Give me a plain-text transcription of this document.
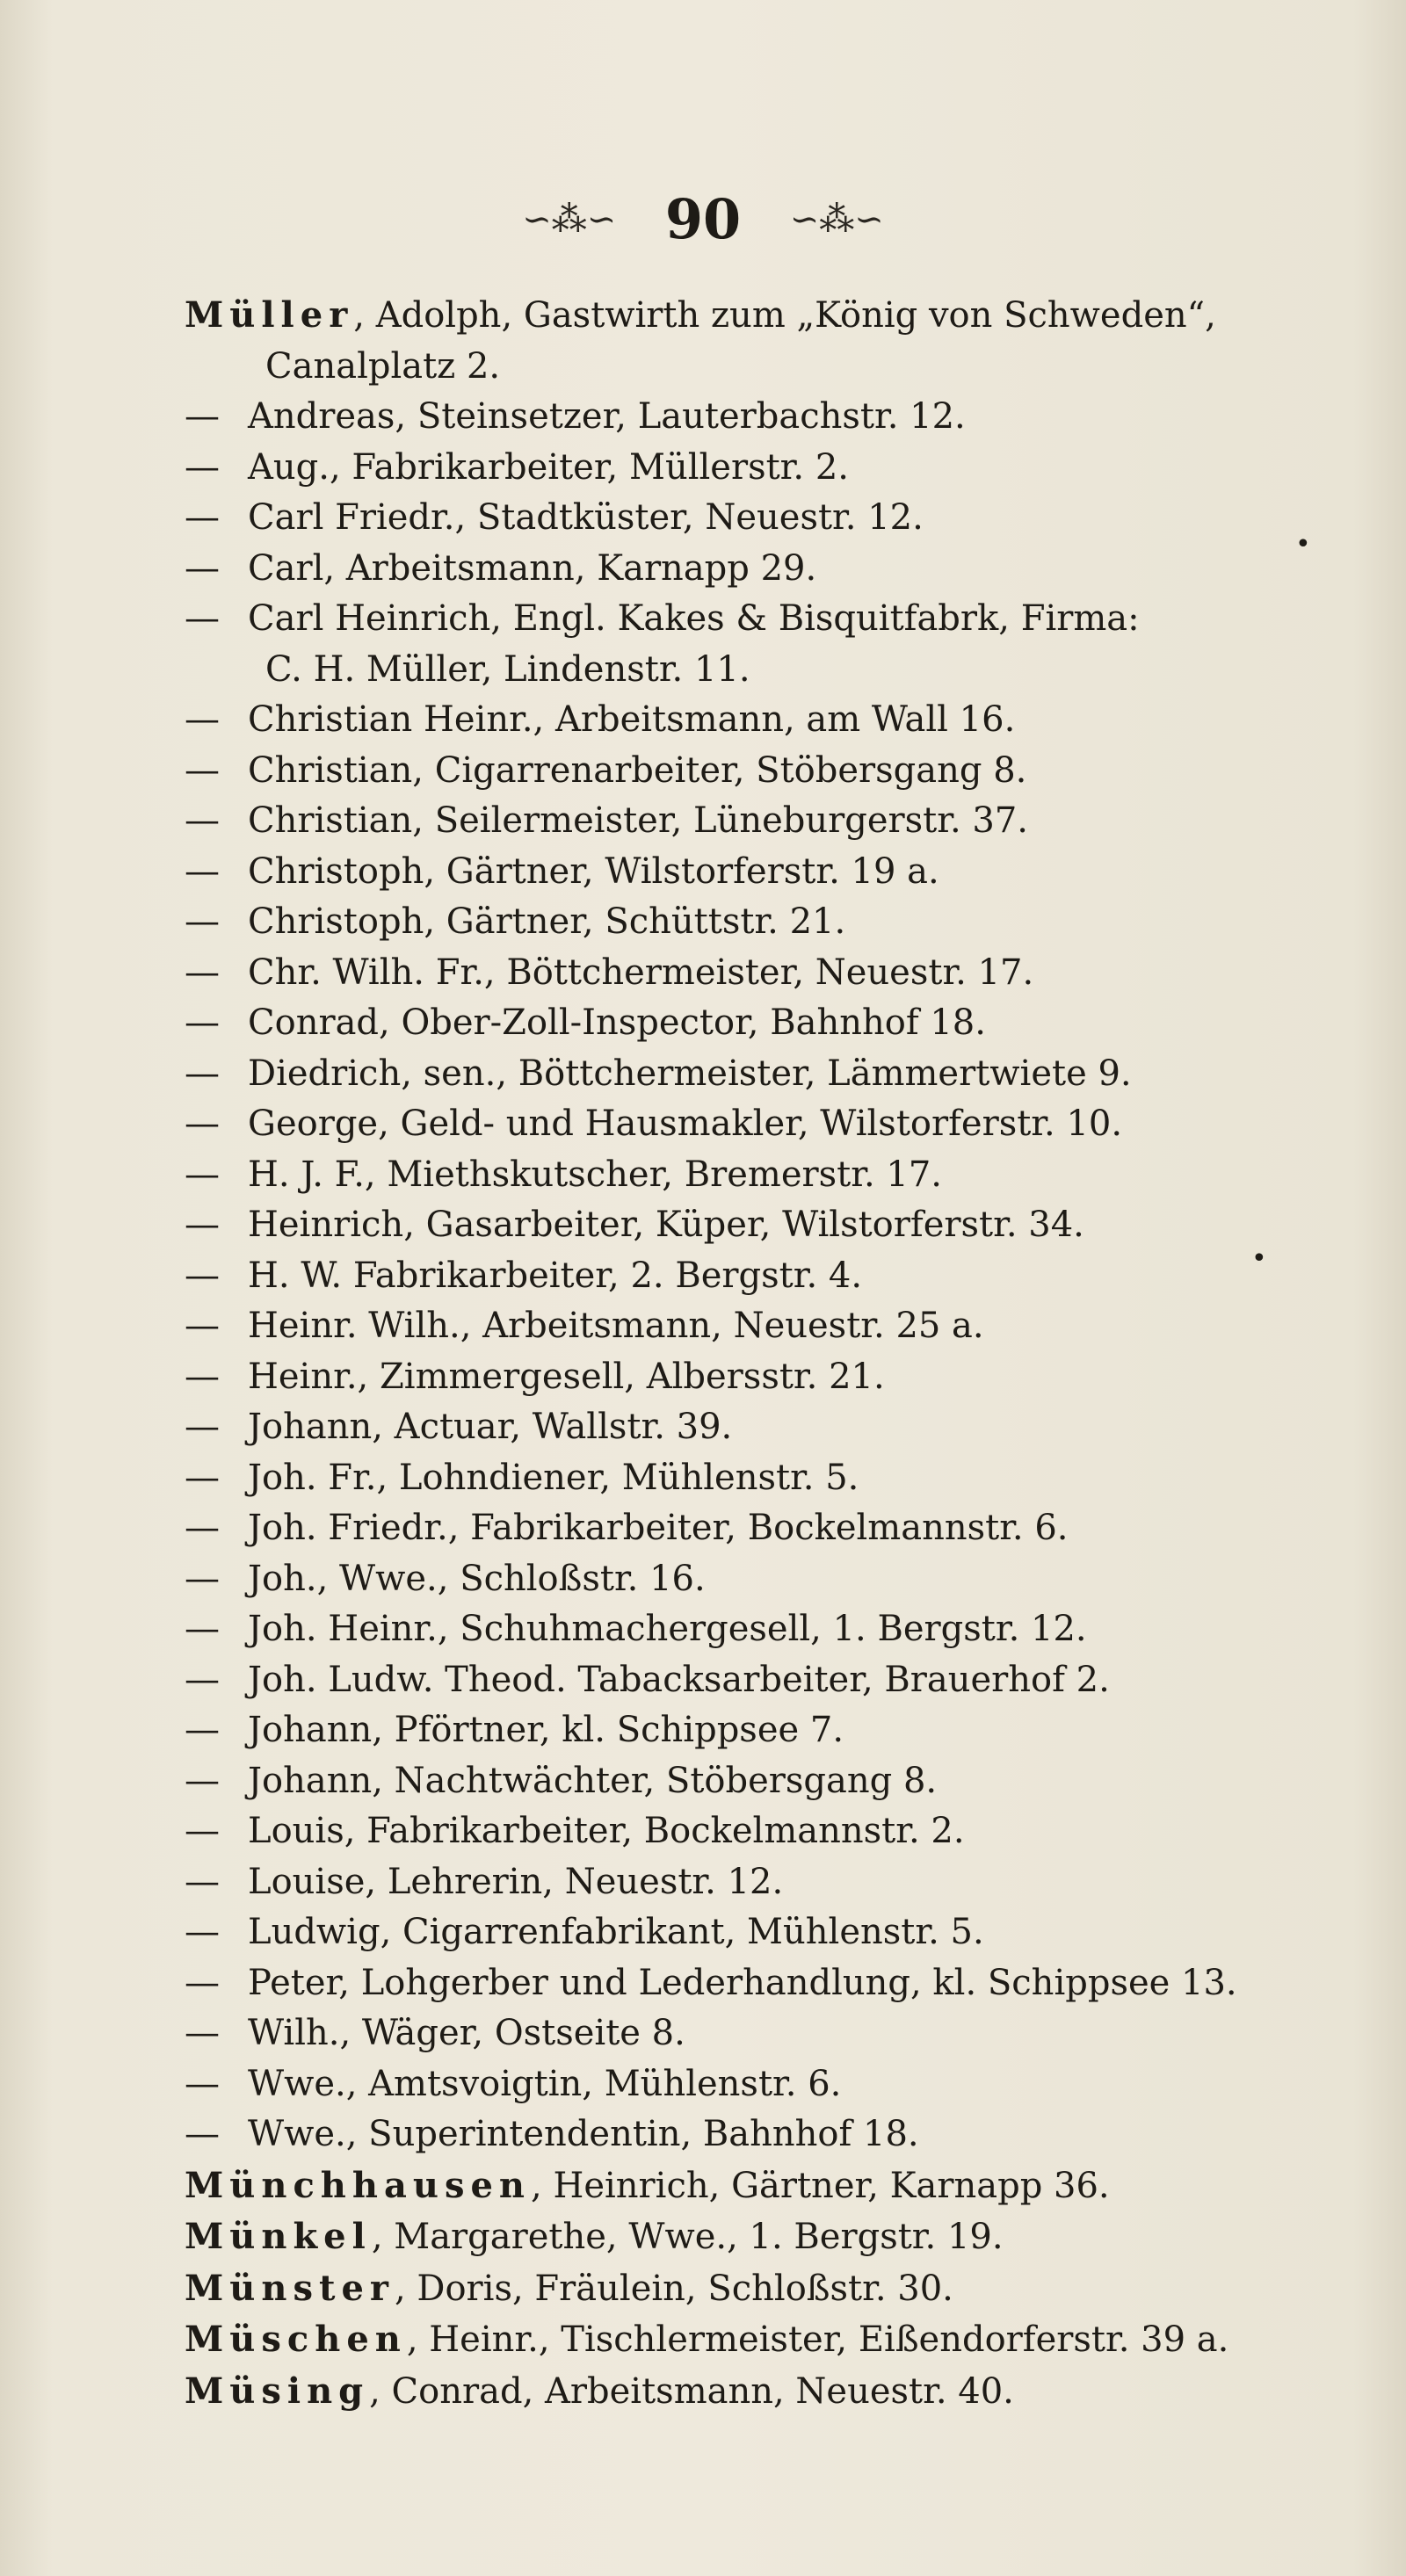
∽⁂∽ 90 ∽⁂∽
Müller, Adolph, Gastwirth zum „König von Schweden“,
Canalplatz 2.
— Andreas, Steinsetzer, Lauterbachstr. 12.
— Aug., Fabrikarbeiter, Müllerstr. 2.
— Carl Friedr., Stadtküster, Neuestr. 12.
— Carl, Arbeitsmann, Karnapp 29.
— Carl Heinrich, Engl. Kakes & Bisquitfabrk, Firma:
C. H. Müller, Lindenstr. 11.
— Christian Heinr., Arbeitsmann, am Wall 16.
— Christian, Cigarrenarbeiter, Stöbersgang 8.
— Christian, Seilermeister, Lüneburgerstr. 37.
— Christoph, Gärtner, Wilstorferstr. 19 a.
— Christoph, Gärtner, Schüttstr. 21.
— Chr. Wilh. Fr., Böttchermeister, Neuestr. 17.
— Conrad, Ober-Zoll-Inspector, Bahnhof 18.
— Diedrich, sen., Böttchermeister, Lämmertwiete 9.
— George, Geld- und Hausmakler, Wilstorferstr. 10.
— H. J. F., Miethskutscher, Bremerstr. 17.
— Heinrich, Gasarbeiter, Küper, Wilstorferstr. 34.
— H. W. Fabrikarbeiter, 2. Bergstr. 4.
— Heinr. Wilh., Arbeitsmann, Neuestr. 25 a.
— Heinr., Zimmergesell, Albersstr. 21.
— Johann, Actuar, Wallstr. 39.
— Joh. Fr., Lohndiener, Mühlenstr. 5.
— Joh. Friedr., Fabrikarbeiter, Bockelmannstr. 6.
— Joh., Wwe., Schloßstr. 16.
— Joh. Heinr., Schuhmachergesell, 1. Bergstr. 12.
— Joh. Ludw. Theod. Tabacksarbeiter, Brauerhof 2.
— Johann, Pförtner, kl. Schippsee 7.
— Johann, Nachtwächter, Stöbersgang 8.
— Louis, Fabrikarbeiter, Bockelmannstr. 2.
— Louise, Lehrerin, Neuestr. 12.
— Ludwig, Cigarrenfabrikant, Mühlenstr. 5.
— Peter, Lohgerber und Lederhandlung, kl. Schippsee 13.
— Wilh., Wäger, Ostseite 8.
— Wwe., Amtsvoigtin, Mühlenstr. 6.
— Wwe., Superintendentin, Bahnhof 18.
Münchhausen, Heinrich, Gärtner, Karnapp 36.
Münkel, Margarethe, Wwe., 1. Bergstr. 19.
Münster, Doris, Fräulein, Schloßstr. 30.
Müschen, Heinr., Tischlermeister, Eißendorferstr. 39 a.
Müsing, Conrad, Arbeitsmann, Neuestr. 40.
•
•
